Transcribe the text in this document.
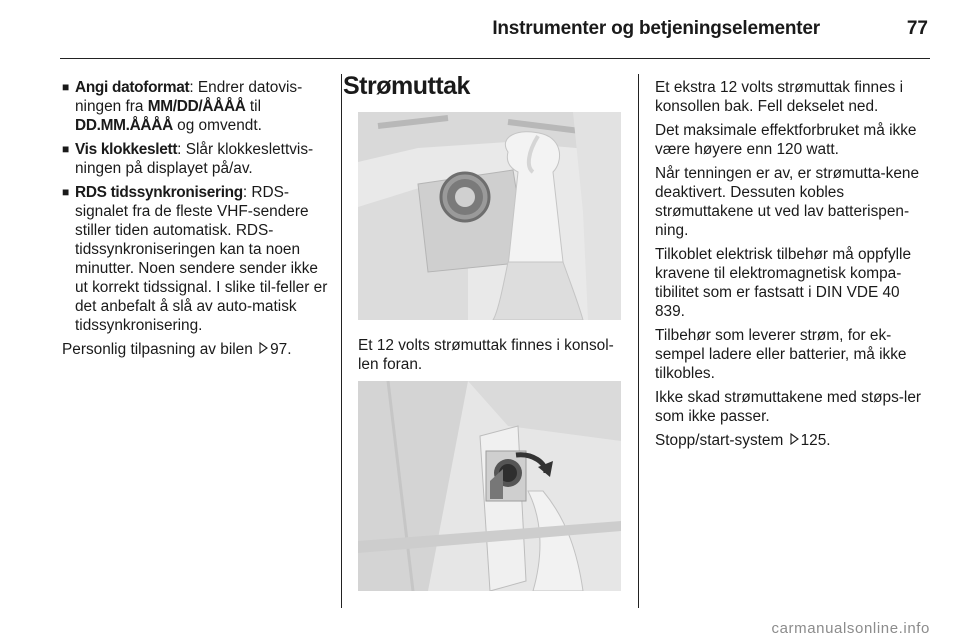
Instrumenter og betjeningselementer	77
■ Angi datoformat: Endrer datovis-ningen fra MM/DD/ÅÅÅÅ til DD.MM.ÅÅÅÅ og omvendt.
■ Vis klokkeslett: Slår klokkeslettvis-ningen på displayet på/av.
■ RDS tidssynkronisering: RDS-signalet fra de fleste VHF-sendere stiller tiden automatisk. RDS-tidssynkroniseringen kan ta noen minutter. Noen sendere sender ikke ut korrekt tidssignal. I slike til-feller er det anbefalt å slå av auto-matisk tidssynkronisering.

Personlig tilpasning av bilen 97.

Strømuttak

Et 12 volts strømuttak finnes i konsol-len foran.

Et ekstra 12 volts strømuttak finnes i konsollen bak. Fell dekselet ned.

Det maksimale effektforbruket må ikke være høyere enn 120 watt.

Når tenningen er av, er strømutta-kene deaktivert. Dessuten kobles strømuttakene ut ved lav batterispen-ning.

Tilkoblet elektrisk tilbehør må oppfylle kravene til elektromagnetisk kompa-tibilitet som er fastsatt i DIN VDE 40 839.

Tilbehør som leverer strøm, for ek-sempel ladere eller batterier, må ikke tilkobles.

Ikke skad strømuttakene med støps-ler som ikke passer.

Stopp/start-system 125.

carmanualsonline.info
